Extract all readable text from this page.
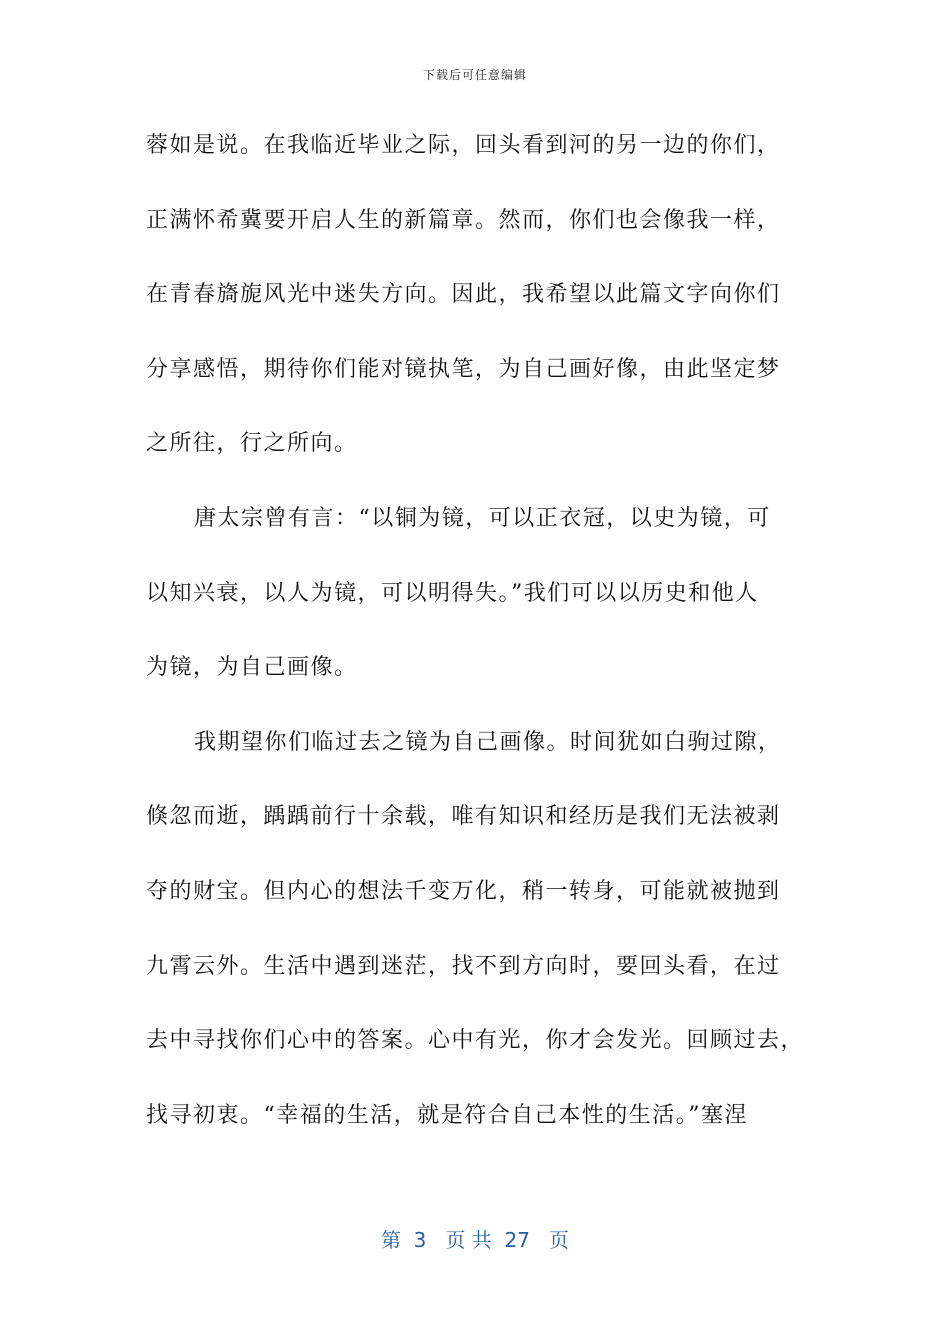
下载后可任意编辑
蓉如是说。在我临近毕业之际，回头看到河的另一边的你们，
正满怀希冀要开启人生的新篇章。然而，你们也会像我一样，
在青春旖旎风光中迷失方向。因此，我希望以此篇文字向你们
分享感悟，期待你们能对镜执笔，为自己画好像，由此坚定梦
之所往，行之所向。
唐太宗曾有言：“以铜为镜，可以正衣冠，以史为镜，可
以知兴衰，以人为镜，可以明得失。”我们可以以历史和他人
为镜，为自己画像。
我期望你们临过去之镜为自己画像。时间犹如白驹过隙，
倏忽而逝，踽踽前行十余载，唯有知识和经历是我们无法被剥
夺的财宝。但内心的想法千变万化，稍一转身，可能就被抛到
九霄云外。生活中遇到迷茫，找不到方向时，要回头看，在过
去中寻找你们心中的答案。心中有光，你才会发光。回顾过去，
找寻初衷。“幸福的生活，就是符合自己本性的生活。”塞涅
第  3   页 共  27   页
